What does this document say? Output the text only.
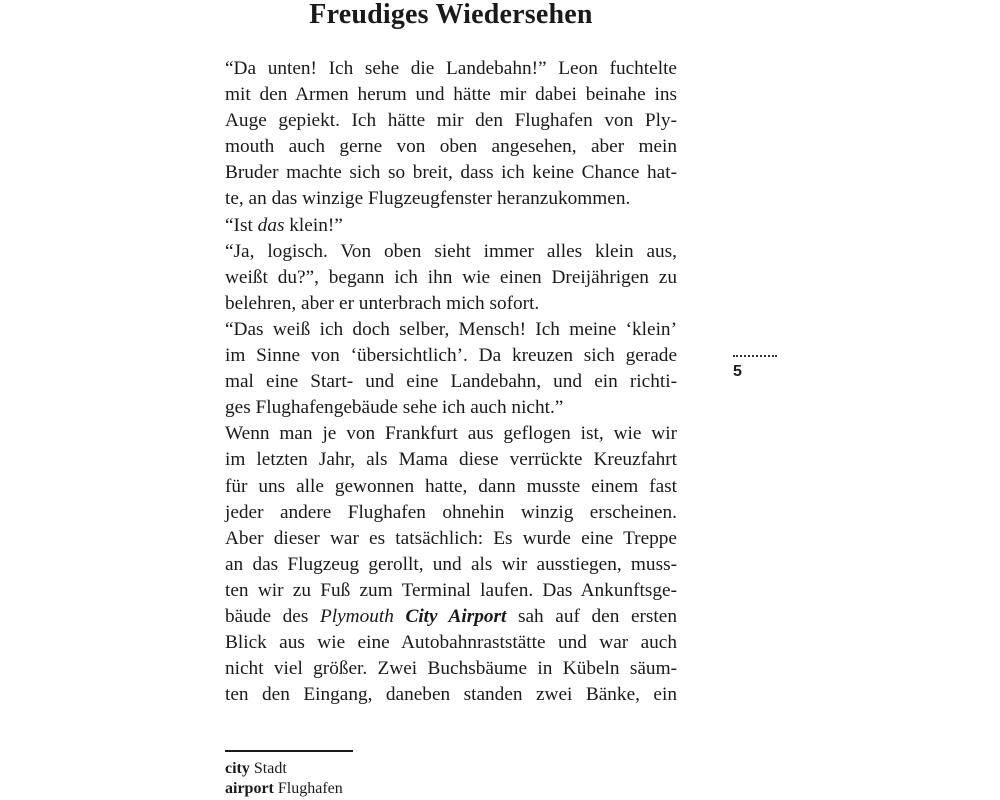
Freudiges Wiedersehen
“Da unten! Ich sehe die Landebahn!” Leon fuchtelte
mit den Armen herum und hätte mir dabei beinahe ins
Auge gepiekt. Ich hätte mir den Flughafen von Ply-
mouth auch gerne von oben angesehen, aber mein
Bruder machte sich so breit, dass ich keine Chance hat-
te, an das winzige Flugzeugfenster heranzukommen.
“Ist das klein!”
“Ja, logisch. Von oben sieht immer alles klein aus,
weißt du?”, begann ich ihn wie einen Dreijährigen zu
belehren, aber er unterbrach mich sofort.
“Das weiß ich doch selber, Mensch! Ich meine ‘klein’
im Sinne von ‘übersichtlich’. Da kreuzen sich gerade
mal eine Start- und eine Landebahn, und ein richti-
ges Flughafengebäude sehe ich auch nicht.”
Wenn man je von Frankfurt aus geflogen ist, wie wir
im letzten Jahr, als Mama diese verrückte Kreuzfahrt
für uns alle gewonnen hatte, dann musste einem fast
jeder andere Flughafen ohnehin winzig erscheinen.
Aber dieser war es tatsächlich: Es wurde eine Treppe
an das Flugzeug gerollt, und als wir ausstiegen, muss-
ten wir zu Fuß zum Terminal laufen. Das Ankunftsge-
bäude des Plymouth City Airport sah auf den ersten
Blick aus wie eine Autobahnraststätte und war auch
nicht viel größer. Zwei Buchsbäume in Kübeln säum-
ten den Eingang, daneben standen zwei Bänke, ein
5
city Stadt
airport Flughafen
